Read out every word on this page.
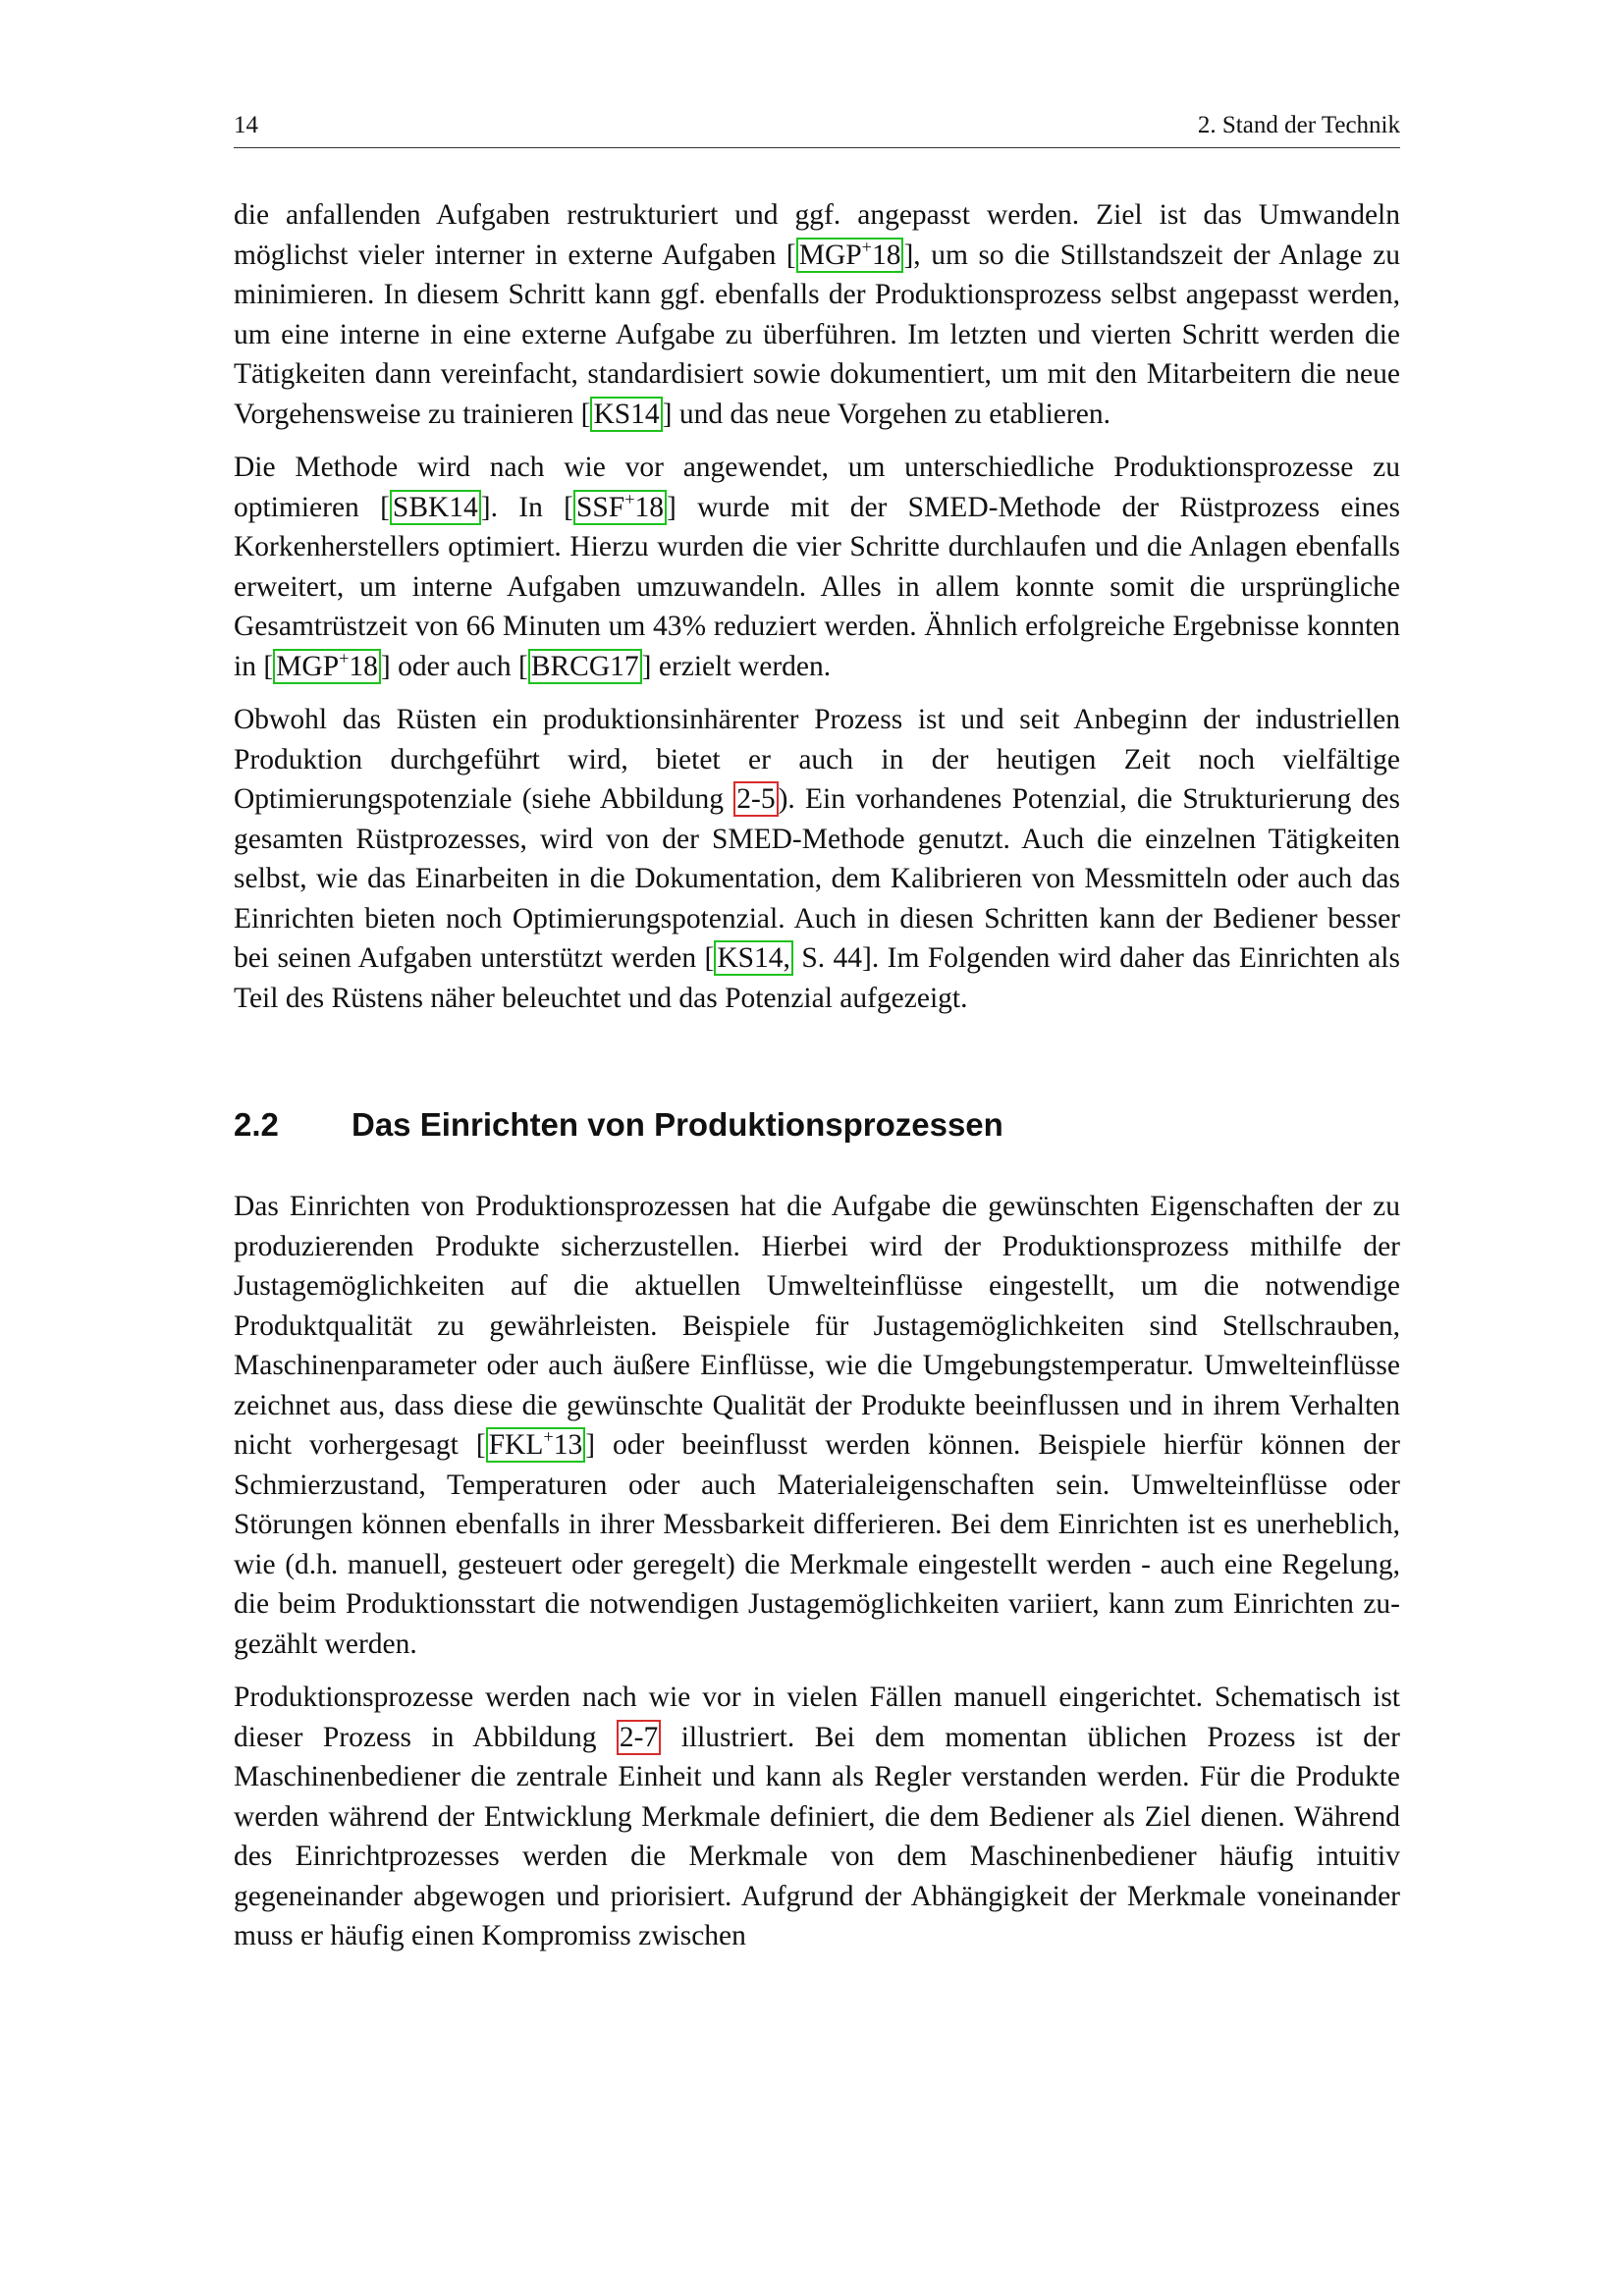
14	2. Stand der Technik

die anfallenden Aufgaben restrukturiert und ggf. angepasst werden. Ziel ist das Umwandeln möglichst vieler interner in externe Aufgaben [ MGP+18 ], um so die Stillstandszeit der Anlage zu minimieren. In diesem Schritt kann ggf. ebenfalls der Produktionsprozess selbst angepasst werden, um eine interne in eine externe Aufgabe zu überführen. Im letzten und vierten Schritt werden die Tätigkeiten dann vereinfacht, standardisiert sowie dokumentiert, um mit den Mitarbeitern die neue Vorgehensweise zu trainieren [ KS14 ] und das neue Vorgehen zu etablieren.

Die Methode wird nach wie vor angewendet, um unterschiedliche Produktionsprozesse zu optimieren [ SBK14 ]. In [ SSF+18 ] wurde mit der SMED-Methode der Rüstprozess eines Korkenherstellers optimiert. Hierzu wurden die vier Schritte durchlaufen und die Anlagen ebenfalls erweitert, um interne Aufgaben umzuwandeln. Alles in allem konnte somit die ursprüngliche Gesamtrüstzeit von 66 Minuten um 43% reduziert werden. Ähnlich erfolgreiche Ergebnisse konnten in [ MGP+18 ] oder auch [ BRCG17 ] erzielt werden.

Obwohl das Rüsten ein produktionsinhärenter Prozess ist und seit Anbeginn der industriellen Produktion durchgeführt wird, bietet er auch in der heutigen Zeit noch vielfältige Optimierungspotenziale (siehe Abbildung 2-5 ). Ein vorhandenes Potenzial, die Strukturierung des gesamten Rüstprozesses, wird von der SMED-Methode genutzt. Auch die einzelnen Tätigkeiten selbst, wie das Einarbeiten in die Dokumentation, dem Kalibrieren von Messmitteln oder auch das Einrichten bieten noch Optimierungspotenzial. Auch in diesen Schritten kann der Bediener besser bei seinen Aufgaben unterstützt werden [ KS14, S. 44]. Im Folgenden wird daher das Einrichten als Teil des Rüstens näher beleuchtet und das Potenzial aufgezeigt.

2.2	Das Einrichten von Produktionsprozessen

Das Einrichten von Produktionsprozessen hat die Aufgabe die gewünschten Eigenschaften der zu produzierenden Produkte sicherzustellen. Hierbei wird der Produktionsprozess mithilfe der Justagemöglichkeiten auf die aktuellen Umwelteinflüsse eingestellt, um die notwendige Produktqualität zu gewährleisten. Beispiele für Justagemöglichkeiten sind Stellschrauben, Maschinenparameter oder auch äußere Einflüsse, wie die Umgebungstemperatur. Umwelteinflüsse zeichnet aus, dass diese die gewünschte Qualität der Produkte beeinflussen und in ihrem Verhalten nicht vorhergesagt [ FKL+13 ] oder beeinflusst werden können. Beispiele hierfür können der Schmierzustand, Temperaturen oder auch Materialeigenschaften sein. Umwelteinflüsse oder Störungen können ebenfalls in ihrer Messbarkeit differieren. Bei dem Einrichten ist es unerheblich, wie (d.h. manuell, gesteuert oder geregelt) die Merkmale eingestellt werden - auch eine Regelung, die beim Produktionsstart die notwendigen Justagemöglichkeiten variiert, kann zum Einrichten zugezählt werden.

Produktionsprozesse werden nach wie vor in vielen Fällen manuell eingerichtet. Schematisch ist dieser Prozess in Abbildung 2-7 illustriert. Bei dem momentan üblichen Prozess ist der Maschinenbediener die zentrale Einheit und kann als Regler verstanden werden. Für die Produkte werden während der Entwicklung Merkmale definiert, die dem Bediener als Ziel dienen. Während des Einrichtprozesses werden die Merkmale von dem Maschinenbediener häufig intuitiv gegeneinander abgewogen und priorisiert. Aufgrund der Abhängigkeit der Merkmale voneinander muss er häufig einen Kompromiss zwischen
